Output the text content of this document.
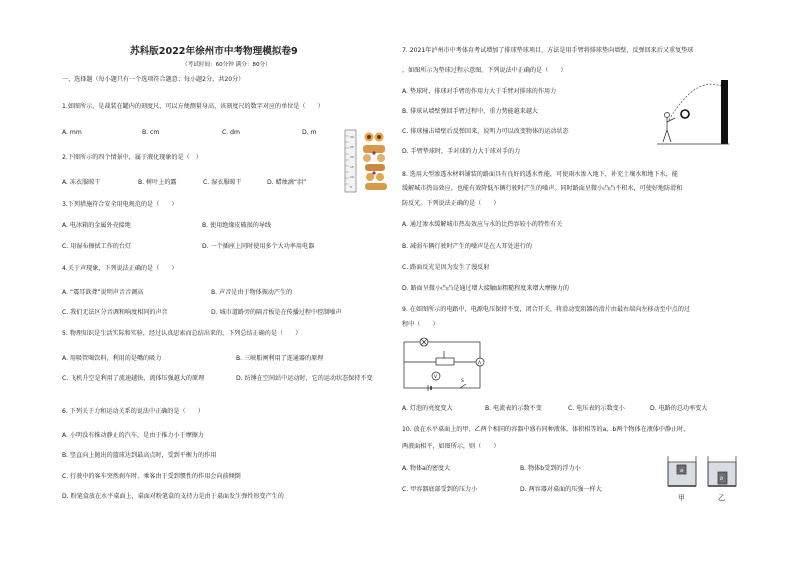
苏科版2022年徐州市中考物理模拟卷9
（考试时间：60分钟 满分：80分）
一、选择题（每小题只有一个选项符合题意；每小题2分，共20分）
1.如图所示，是裁装在罐内的刻度尺，可以方便测量身高，该刻度尺的数字对应的单位是（　　）
A. mm	B. cm	C. dm	D. m
30
25
20
15
10
5
2.下图所示的四个情景中，属于液化现象的是（　）
A. 冻衣服晾干	B. 树叶上的露	C. 湿衣服晾干	D. 蜡烛滴“泪”
3.下列措施符合安全用电规范的是（　　）
A. 电冰箱的金属外壳接地	B. 使用绝缘皮破损的导线
C. 用湿布擦拭工作的台灯	D. 一个插座上同时使用多个大功率用电器
4.关于声现象，下列说法正确的是（　　）
A. “震耳欲聋”说明声音音调高	B. 声音是由于物体振动产生的
C. 我们无法区分音调和响度相同的声音	D. 城市道路旁的隔音板是在传播过程中控制噪声
5. 物理知识是生活实际和实验，经过认真思索而总结出来的，下列总结正确的是（　　）
A. 用吸管喝饮料，利用的是嘴的吸力	B. 三峡船闸利用了连通器的原理
C. 飞机升空是利用了流速越快，流体压强越大的原理	D. 纺锤在空间站中运动时，它的运动状态保持不变
6. 下列关于力和运动关系的说法中正确的是（　　）
A. 小明没有推动静止的汽车，是由于推力小于摩擦力
B. 竖直向上抛出的篮球达到最高点时，受到平衡力的作用
C. 行驶中的客车突然刹车时，乘客由于受到惯性的作用会向前倾倒
D. 粉笔盒放在水平桌面上，桌面对粉笔盒的支持力是由于桌面发生弹性形变产生的
7. 2021年泸州市中考体育考试增加了排球垫球项目，方法是用手臂将排球垫向墙壁，反弹回来后又重复垫球
，如图所示为垫球过程示意图。下列说法中正确的是（　　）
A. 垫球时，排球对手臂的作用力大于手臂对排球的作用力
B. 排球从墙壁弹回手臂过程中，重力势能越来越大
C. 排球撞击墙壁后反弹回来，说明力可以改变物体的运动状态
D. 手臂垫球时，手对球的力大于球对手的力
8. 选用大型渗透水材料铺装的路面具有良好的透水性能，可使雨水渗入地下，补充土壤水和地下水，能
缓解城市热岛效应。也能有效降低车辆行驶时产生的噪声。同时路面呈微小凸凸不积水，可使好地防滑和
防反光。下列说法正确的是（　　）
A. 通过渗水缓解城市热岛效应与水的比热容较小的特性有关
B. 减弱车辆行驶时产生的噪声是在人耳处进行的
C. 路面反光是因为发生了漫反射
D. 路面呈微小凸凸是通过增大接触面粗糙程度来增大摩擦力的
9. 在如图所示的电路中，电源电压保持不变，闭合开关，将滑动变阻器的滑片由最右端向左移动至中点的过
程中（　　）
A
V
S
A. 灯泡的亮度变大	B. 电流表的示数不变	C. 电压表的示数变小	D. 电路的总功率变大
10. 放在水平桌面上的甲、乙两个相同的容器中盛有同种液体，体积相等的a、b两个物体在液体中静止时，
两液面相平，如图所示，则（　　）
A. 物体a的密度大	B. 物体b受到的浮力小
C. 甲容器底部受到的压力小	D. 两容器对桌面的压强一样大
a
b
甲	乙
